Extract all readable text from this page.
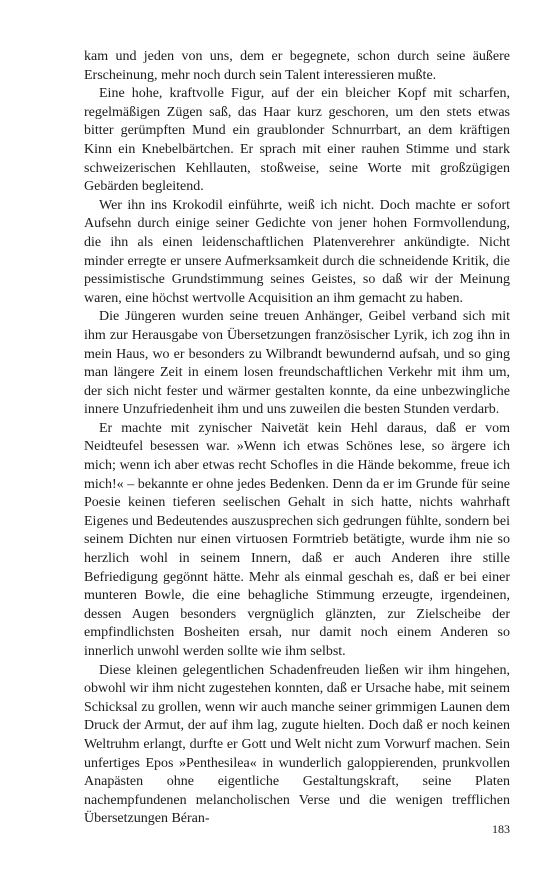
kam und jeden von uns, dem er begegnete, schon durch seine äußere Erscheinung, mehr noch durch sein Talent interessieren mußte.

Eine hohe, kraftvolle Figur, auf der ein bleicher Kopf mit scharfen, regelmäßigen Zügen saß, das Haar kurz geschoren, um den stets etwas bitter gerümpften Mund ein graublonder Schnurrbart, an dem kräftigen Kinn ein Knebelbärtchen. Er sprach mit einer rauhen Stimme und stark schweizerischen Kehllauten, stoßweise, seine Worte mit großzügigen Gebärden begleitend.

Wer ihn ins Krokodil einführte, weiß ich nicht. Doch machte er sofort Aufsehn durch einige seiner Gedichte von jener hohen Formvollendung, die ihn als einen leidenschaftlichen Platenverehrer ankündigte. Nicht minder erregte er unsere Aufmerksamkeit durch die schneidende Kritik, die pessimistische Grundstimmung seines Geistes, so daß wir der Meinung waren, eine höchst wertvolle Acquisition an ihm gemacht zu haben.

Die Jüngeren wurden seine treuen Anhänger, Geibel verband sich mit ihm zur Herausgabe von Übersetzungen französischer Lyrik, ich zog ihn in mein Haus, wo er besonders zu Wilbrandt bewundernd aufsah, und so ging man längere Zeit in einem losen freundschaftlichen Verkehr mit ihm um, der sich nicht fester und wärmer gestalten konnte, da eine unbezwingliche innere Unzufriedenheit ihm und uns zuweilen die besten Stunden verdarb.

Er machte mit zynischer Naivetät kein Hehl daraus, daß er vom Neidteufel besessen war. »Wenn ich etwas Schönes lese, so ärgere ich mich; wenn ich aber etwas recht Schofles in die Hände bekomme, freue ich mich!« – bekannte er ohne jedes Bedenken. Denn da er im Grunde für seine Poesie keinen tieferen seelischen Gehalt in sich hatte, nichts wahrhaft Eigenes und Bedeutendes auszusprechen sich gedrungen fühlte, sondern bei seinem Dichten nur einen virtuosen Formtrieb betätigte, wurde ihm nie so herzlich wohl in seinem Innern, daß er auch Anderen ihre stille Befriedigung gegönnt hätte. Mehr als einmal geschah es, daß er bei einer munteren Bowle, die eine behagliche Stimmung erzeugte, irgendeinen, dessen Augen besonders vergnüglich glänzten, zur Zielscheibe der empfindlichsten Bosheiten ersah, nur damit noch einem Anderen so innerlich unwohl werden sollte wie ihm selbst.

Diese kleinen gelegentlichen Schadenfreuden ließen wir ihm hingehen, obwohl wir ihm nicht zugestehen konnten, daß er Ursache habe, mit seinem Schicksal zu grollen, wenn wir auch manche seiner grimmigen Launen dem Druck der Armut, der auf ihm lag, zugute hielten. Doch daß er noch keinen Weltruhm erlangt, durfte er Gott und Welt nicht zum Vorwurf machen. Sein unfertiges Epos »Penthesilea« in wunderlich galoppierenden, prunkvollen Anapästen ohne eigentliche Gestaltungskraft, seine Platen nachempfundenen melancholischen Verse und die wenigen trefflichen Übersetzungen Béran-

183
